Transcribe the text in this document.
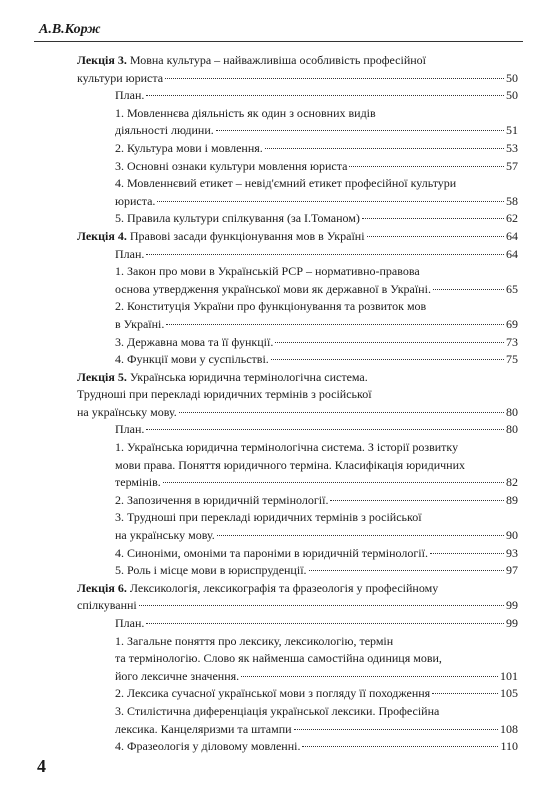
А.В.Корж
Лекція 3. Мовна культура – найважливіша особливість професійної
культури юриста	50
План.	50
1. Мовленнєва діяльність як один з основних видів
діяльності людини.	51
2. Культура мови і мовлення.	53
3. Основні ознаки культури мовлення юриста	57
4. Мовленнєвий етикет – невід'ємний етикет професійної культури
юриста.	58
5. Правила культури спілкування (за І.Томаном)	62
Лекція 4. Правові засади функціонування мов в Україні	64
План.	64
1. Закон про мови в Українській РСР – нормативно-правова
основа утвердження української мови як державної в Україні.	65
2. Конституція України про функціонування та розвиток мов
в Україні.	69
3. Державна мова та її функції.	73
4. Функції мови у суспільстві.	75
Лекція 5. Українська юридична термінологічна система.
Трудноші при перекладі юридичних термінів з російської
на українську мову.	80
План.	80
1. Українська юридична термінологічна система. З історії розвитку
мови права. Поняття юридичного терміна. Класифікація юридичних
термінів.	82
2. Запозичення в юридичній термінології.	89
3. Трудноші при перекладі юридичних термінів з російської
на українську мову.	90
4. Синоніми, омоніми та пароніми в юридичній термінології.	93
5. Роль і місце мови в юриспруденції.	97
Лекція 6. Лексикологія, лексикографія та фразеологія у професійному
спілкуванні	99
План.	99
1. Загальне поняття про лексику, лексикологію, термін
та термінологію. Слово як найменша самостійна одиниця мови,
його лексичне значення.	101
2. Лексика сучасної української мови з погляду її походження	105
3. Стилістична диференціація української лексики. Професійна
лексика. Канцеляризми та штампи	108
4. Фразеологія у діловому мовленні.	110
4
